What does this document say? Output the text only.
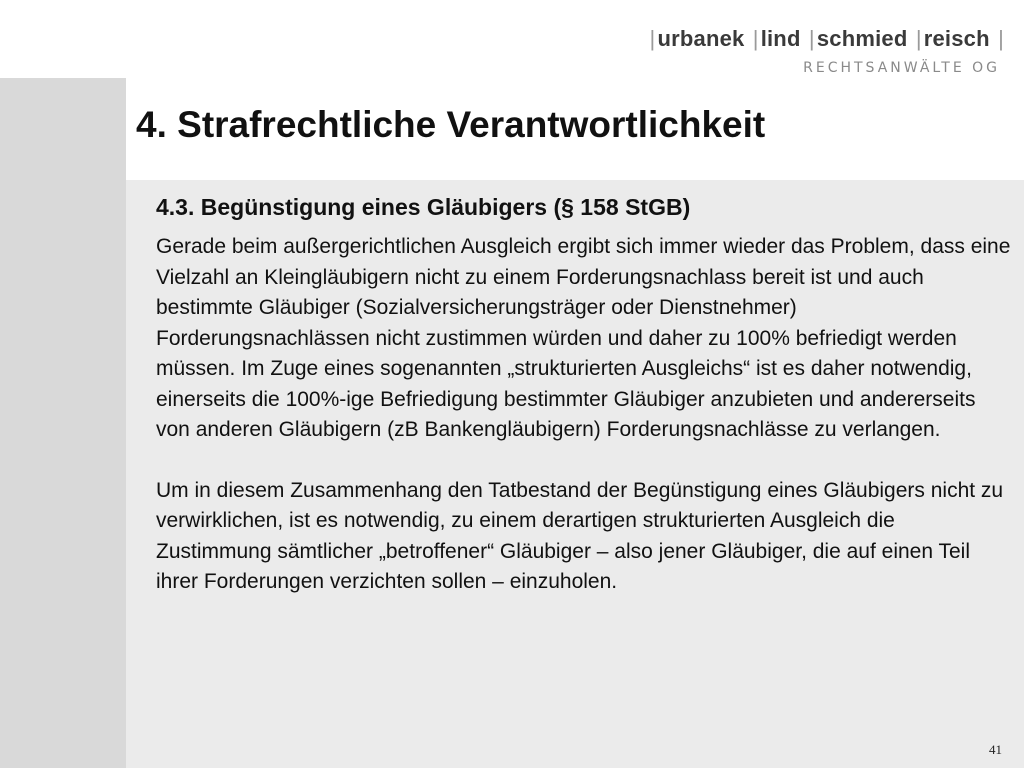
|urbanek |lind |schmied |reisch |
RECHTSANWÄLTE OG
4. Strafrechtliche Verantwortlichkeit
4.3. Begünstigung eines Gläubigers (§ 158 StGB)

Gerade beim außergerichtlichen Ausgleich ergibt sich immer wieder das Problem, dass eine Vielzahl an Kleingläubigern nicht zu einem Forderungsnachlass bereit ist und auch bestimmte Gläubiger (Sozialversicherungsträger oder Dienstnehmer) Forderungsnachlässen nicht zustimmen würden und daher zu 100% befriedigt werden müssen. Im Zuge eines sogenannten „strukturierten Ausgleichs“ ist es daher notwendig, einerseits die 100%-ige Befriedigung bestimmter Gläubiger anzubieten und andererseits von anderen Gläubigern (zB Bankengläubigern) Forderungsnachlässe zu verlangen.

Um in diesem Zusammenhang den Tatbestand der Begünstigung eines Gläubigers nicht zu verwirklichen, ist es notwendig, zu einem derartigen strukturierten Ausgleich die Zustimmung sämtlicher „betroffener“ Gläubiger – also jener Gläubiger, die auf einen Teil ihrer Forderungen verzichten sollen – einzuholen.

41
